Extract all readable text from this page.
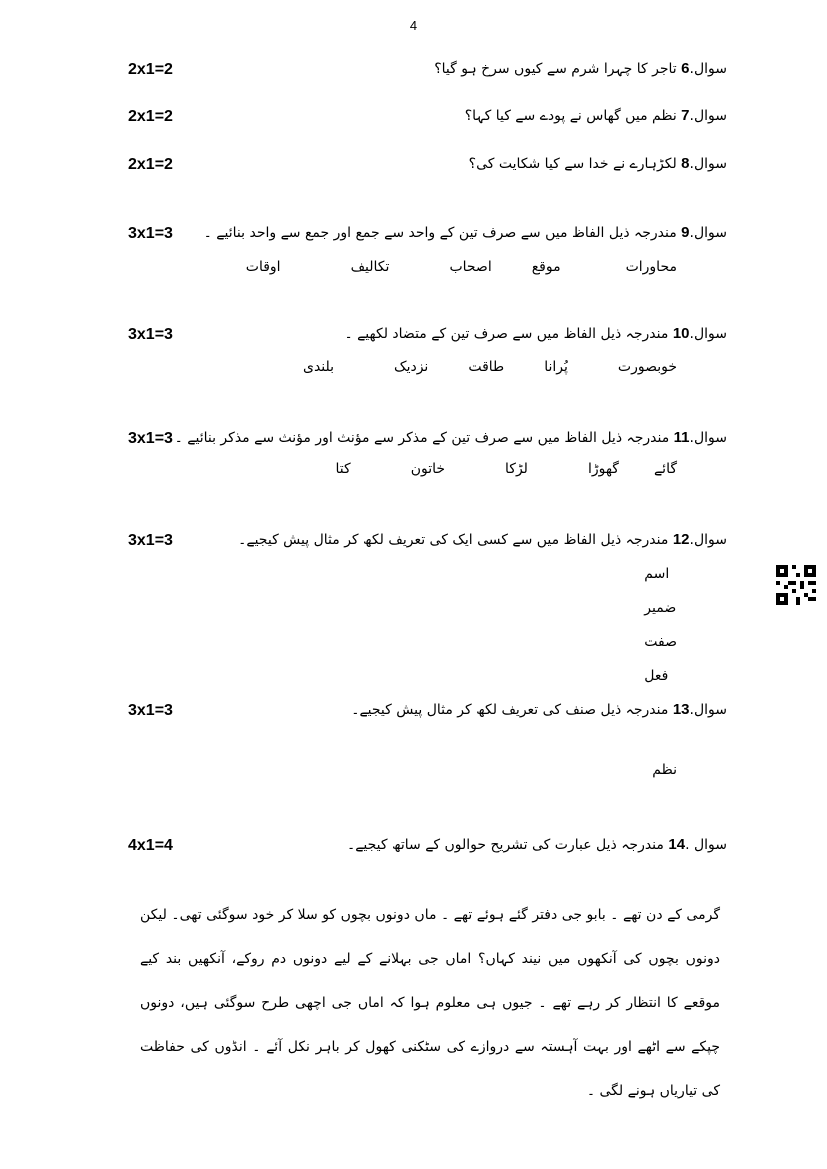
4
2x1=2	سوال.6 تاجر کا چہرا شرم سے کیوں سرخ ہو گیا؟
2x1=2	سوال.7 نظم میں گھاس نے پودے سے کیا کہا؟
2x1=2	سوال.8 لکڑہارے نے خدا سے کیا شکایت کی؟
3x1=3	سوال.9 مندرجہ ذیل الفاظ میں سے صرف تین کے واحد سے جمع اور جمع سے واحد بنائیے ۔
محاورات
موقع
اصحاب
تکالیف
اوقات
3x1=3	سوال.10 مندرجہ ذیل الفاظ میں سے صرف تین کے متضاد لکھیے ۔
خوبصورت
پُرانا
طاقت
نزدیک
بلندی
3x1=3	سوال.11 مندرجہ ذیل الفاظ میں سے صرف تین کے مذکر سے مؤنث اور مؤنث سے مذکر بنائیے ۔
گائے
گھوڑا
لڑکا
خاتون
کتا
3x1=3	سوال.12 مندرجہ ذیل الفاظ میں سے کسی ایک کی تعریف لکھ کر مثال پیش کیجیے۔
اسم
ضمیر
صفت
فعل
3x1=3	سوال.13 مندرجہ ذیل صنف کی تعریف لکھ کر مثال پیش کیجیے۔
نظم
4x1=4	سوال .14 مندرجہ ذیل عبارت کی تشریح حوالوں کے ساتھ کیجیے۔
گرمی کے دن تھے ۔ بابو جی دفتر گئے ہوئے تھے ۔ ماں دونوں بچوں کو سلا کر خود سوگئی تھی۔ لیکن دونوں بچوں کی آنکھوں میں نیند کہاں؟ اماں جی بہلانے کے لیے دونوں دم روکے، آنکھیں بند کیے موقعے کا انتظار کر رہے تھے ۔ جیوں ہی معلوم ہوا کہ اماں جی اچھی طرح سوگئی ہیں، دونوں چپکے سے اٹھے اور بہت آہستہ سے دروازے کی سٹکنی کھول کر باہر نکل آئے ۔ انڈوں کی حفاظت کی تیاریاں ہونے لگی ۔
